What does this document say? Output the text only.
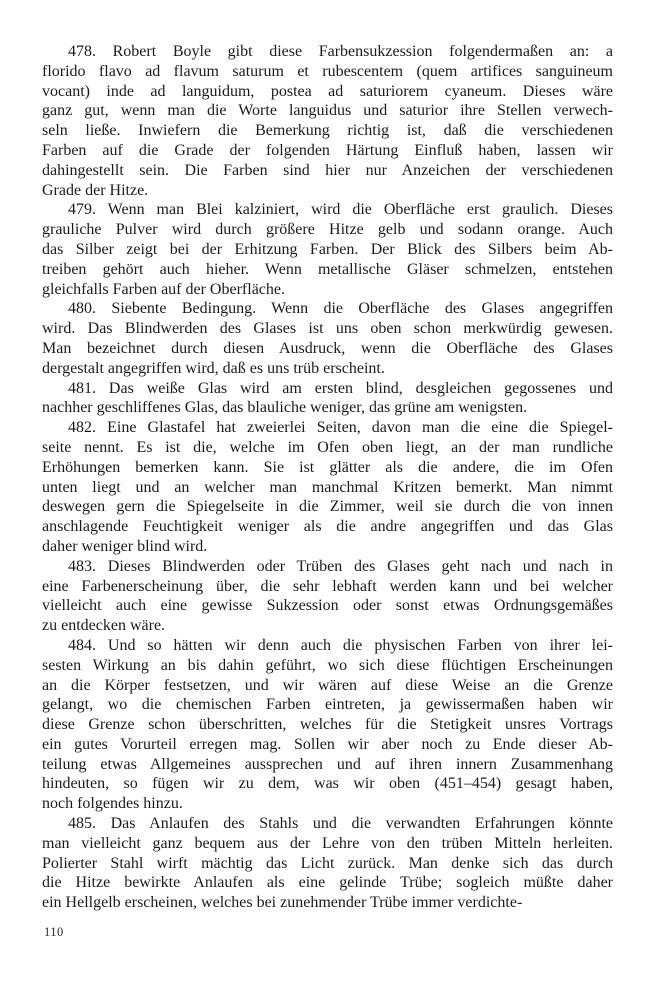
478. Robert Boyle gibt diese Farbensukzession folgendermaßen an: a
florido flavo ad flavum saturum et rubescentem (quem artifices sanguineum
vocant) inde ad languidum, postea ad saturiorem cyaneum. Dieses wäre
ganz gut, wenn man die Worte languidus und saturior ihre Stellen verwech-
seln ließe. Inwiefern die Bemerkung richtig ist, daß die verschiedenen
Farben auf die Grade der folgenden Härtung Einfluß haben, lassen wir
dahingestellt sein. Die Farben sind hier nur Anzeichen der verschiedenen
Grade der Hitze.

479. Wenn man Blei kalziniert, wird die Oberfläche erst graulich. Dieses
grauliche Pulver wird durch größere Hitze gelb und sodann orange. Auch
das Silber zeigt bei der Erhitzung Farben. Der Blick des Silbers beim Ab-
treiben gehört auch hieher. Wenn metallische Gläser schmelzen, entstehen
gleichfalls Farben auf der Oberfläche.

480. Siebente Bedingung. Wenn die Oberfläche des Glases angegriffen
wird. Das Blindwerden des Glases ist uns oben schon merkwürdig gewesen.
Man bezeichnet durch diesen Ausdruck, wenn die Oberfläche des Glases
dergestalt angegriffen wird, daß es uns trüb erscheint.

481. Das weiße Glas wird am ersten blind, desgleichen gegossenes und
nachher geschliffenes Glas, das blauliche weniger, das grüne am wenigsten.

482. Eine Glastafel hat zweierlei Seiten, davon man die eine die Spiegel-
seite nennt. Es ist die, welche im Ofen oben liegt, an der man rundliche
Erhöhungen bemerken kann. Sie ist glätter als die andere, die im Ofen
unten liegt und an welcher man manchmal Kritzen bemerkt. Man nimmt
deswegen gern die Spiegelseite in die Zimmer, weil sie durch die von innen
anschlagende Feuchtigkeit weniger als die andre angegriffen und das Glas
daher weniger blind wird.

483. Dieses Blindwerden oder Trüben des Glases geht nach und nach in
eine Farbenerscheinung über, die sehr lebhaft werden kann und bei welcher
vielleicht auch eine gewisse Sukzession oder sonst etwas Ordnungsgemäßes
zu entdecken wäre.

484. Und so hätten wir denn auch die physischen Farben von ihrer lei-
sesten Wirkung an bis dahin geführt, wo sich diese flüchtigen Erscheinungen
an die Körper festsetzen, und wir wären auf diese Weise an die Grenze
gelangt, wo die chemischen Farben eintreten, ja gewissermaßen haben wir
diese Grenze schon überschritten, welches für die Stetigkeit unsres Vortrags
ein gutes Vorurteil erregen mag. Sollen wir aber noch zu Ende dieser Ab-
teilung etwas Allgemeines aussprechen und auf ihren innern Zusammenhang
hindeuten, so fügen wir zu dem, was wir oben (451–454) gesagt haben,
noch folgendes hinzu.

485. Das Anlaufen des Stahls und die verwandten Erfahrungen könnte
man vielleicht ganz bequem aus der Lehre von den trüben Mitteln herleiten.
Polierter Stahl wirft mächtig das Licht zurück. Man denke sich das durch
die Hitze bewirkte Anlaufen als eine gelinde Trübe; sogleich müßte daher
ein Hellgelb erscheinen, welches bei zunehmender Trübe immer verdichte-

110
